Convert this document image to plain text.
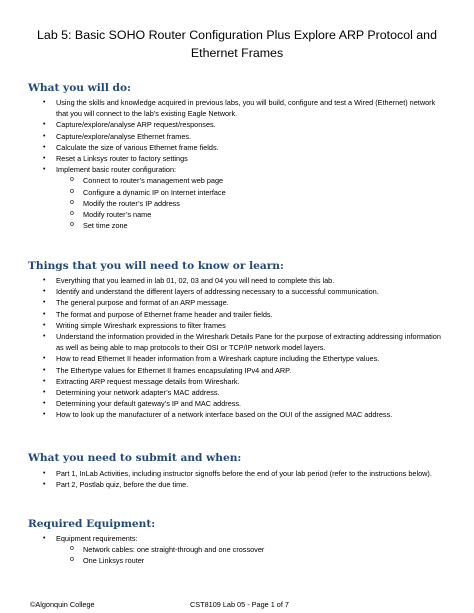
Lab 5: Basic SOHO Router Configuration Plus Explore ARP Protocol and Ethernet Frames
What you will do:
• Using the skills and knowledge acquired in previous labs, you will build, configure and test a Wired (Ethernet) network that you will connect to the lab’s existing Eagle Network.
• Capture/explore/analyse ARP request/responses.
• Capture/explore/analyse Ethernet frames.
• Calculate the size of various Ethernet frame fields.
• Reset a Linksys router to factory settings
• Implement basic router configuration:
o Connect to router’s management web page
o Configure a dynamic IP on Internet interface
o Modify the router’s IP address
o Modify router’s name
o Set time zone
Things that you will need to know or learn:
• Everything that you learned in lab 01, 02, 03 and 04 you will need to complete this lab.
• Identify and understand the different layers of addressing necessary to a successful communication.
• The general purpose and format of an ARP message.
• The format and purpose of Ethernet frame header and trailer fields.
• Writing simple Wireshark expressions to filter frames
• Understand the information provided in the Wireshark Details Pane for the purpose of extracting addressing information as well as being able to map protocols to their OSI or TCP/IP network model layers.
• How to read Ethernet II header information from a Wireshark capture including the Ethertype values.
• The Ethertype values for Ethernet II frames encapsulating IPv4 and ARP.
• Extracting ARP request message details from Wireshark.
• Determining your network adapter’s MAC address.
• Determining your default gateway’s IP and MAC address.
• How to look up the manufacturer of a network interface based on the OUI of the assigned MAC address.
What you need to submit and when:
• Part 1, InLab Activities, including instructor signoffs before the end of your lab period (refer to the instructions below).
• Part 2, Postlab quiz, before the due time.
Required Equipment:
• Equipment requirements:
o Network cables: one straight-through and one crossover
o One Linksys router
©Algonquin College	CST8109 Lab 05 - Page 1 of 7
